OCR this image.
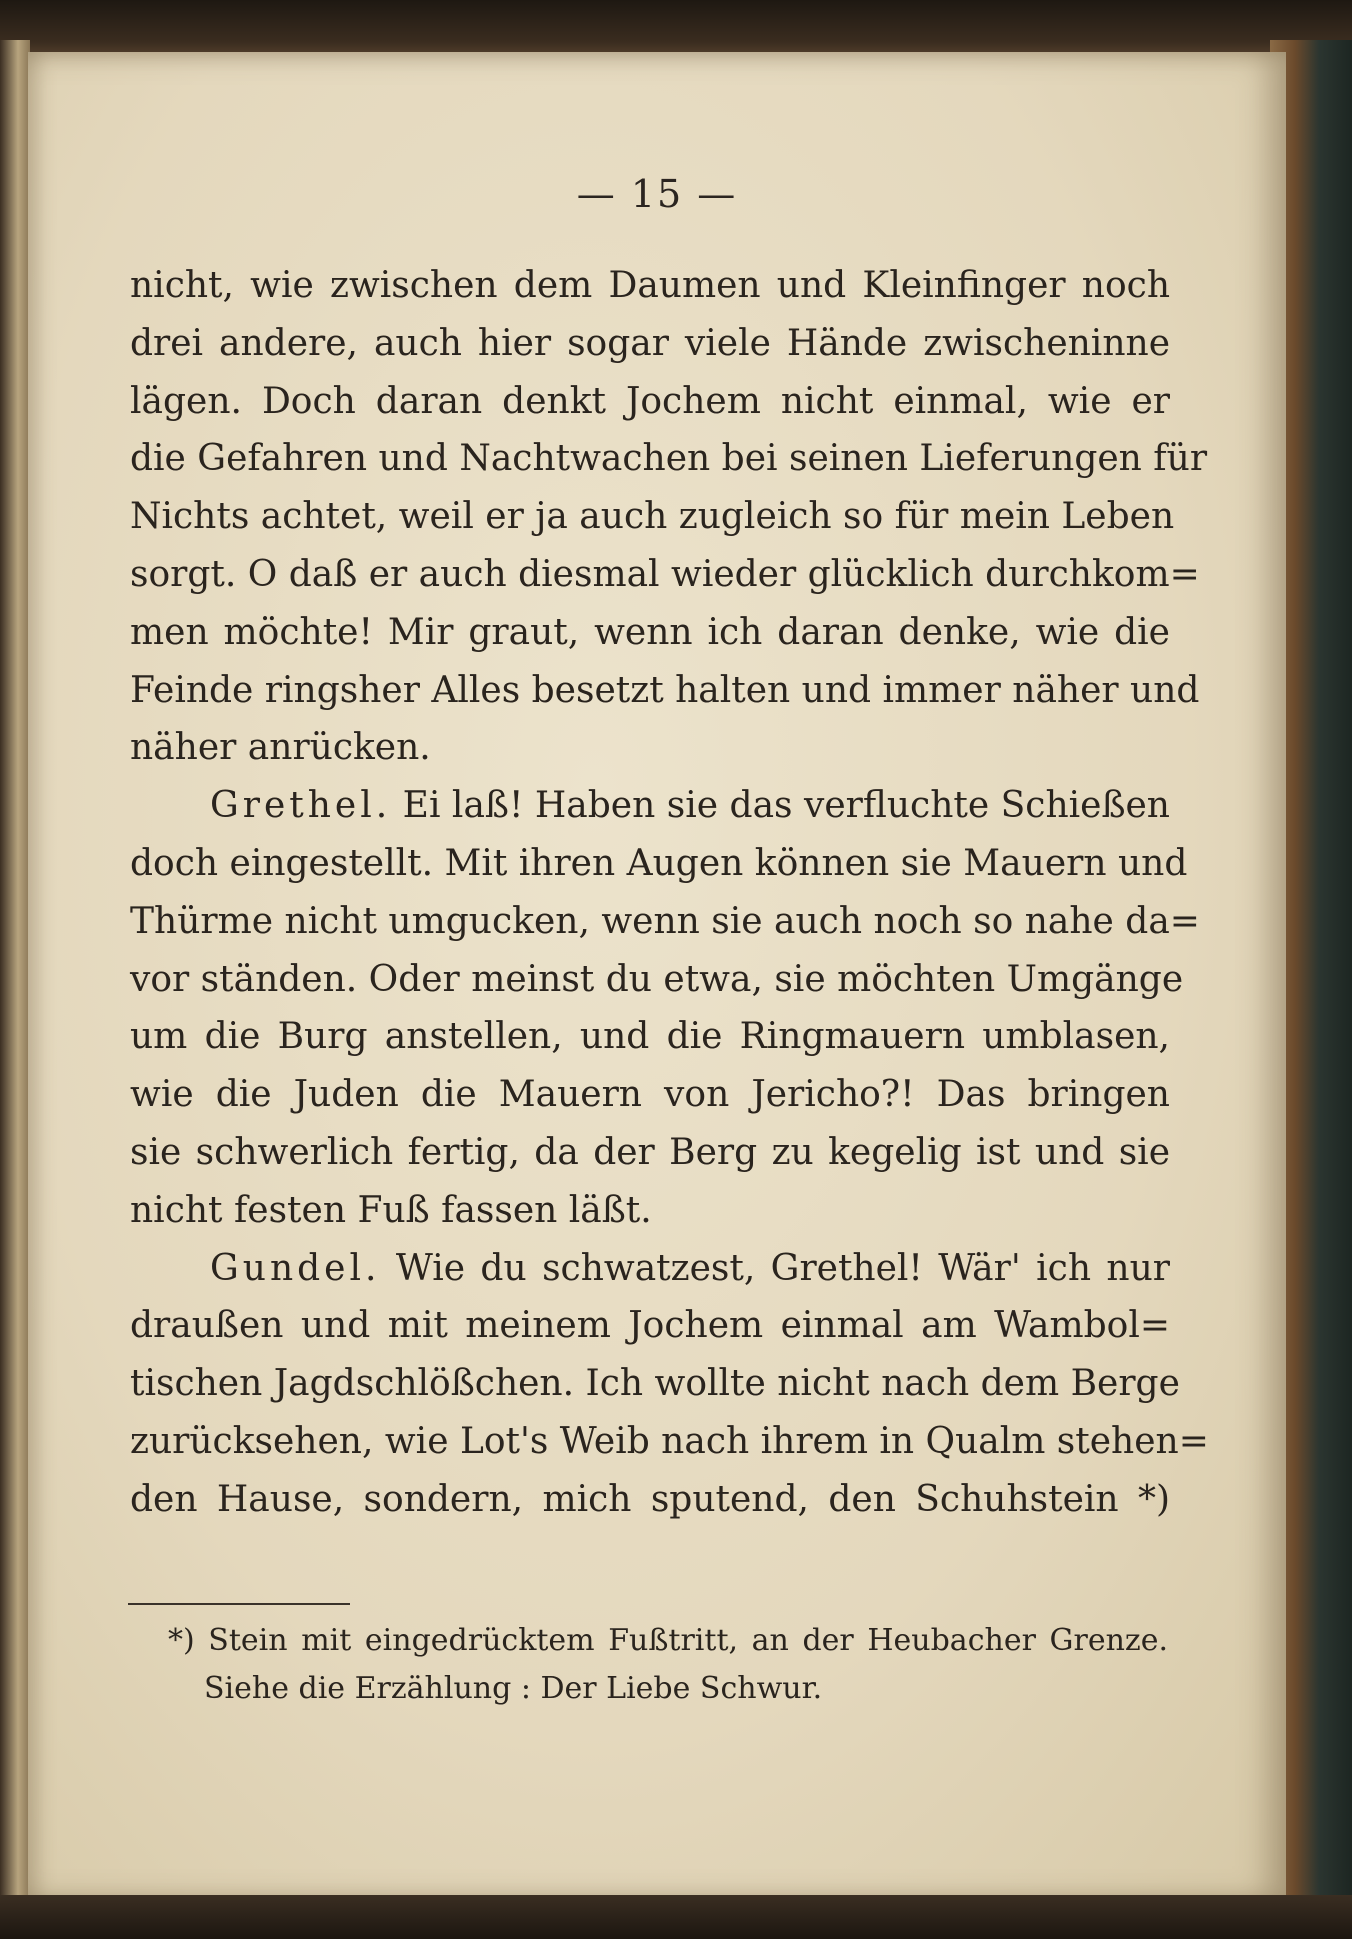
— 15 —
nicht, wie zwischen dem Daumen und Kleinfinger noch
drei andere, auch hier sogar viele Hände zwischeninne
lägen. Doch daran denkt Jochem nicht einmal, wie er
die Gefahren und Nachtwachen bei seinen Lieferungen für
Nichts achtet, weil er ja auch zugleich so für mein Leben
sorgt. O daß er auch diesmal wieder glücklich durchkom=
men möchte! Mir graut, wenn ich daran denke, wie die
Feinde ringsher Alles besetzt halten und immer näher und
näher anrücken.
Grethel. Ei laß! Haben sie das verfluchte Schießen
doch eingestellt. Mit ihren Augen können sie Mauern und
Thürme nicht umgucken, wenn sie auch noch so nahe da=
vor ständen. Oder meinst du etwa, sie möchten Umgänge
um die Burg anstellen, und die Ringmauern umblasen,
wie die Juden die Mauern von Jericho?! Das bringen
sie schwerlich fertig, da der Berg zu kegelig ist und sie
nicht festen Fuß fassen läßt.
Gundel. Wie du schwatzest, Grethel! Wär' ich nur
draußen und mit meinem Jochem einmal am Wambol=
tischen Jagdschlößchen. Ich wollte nicht nach dem Berge
zurücksehen, wie Lot's Weib nach ihrem in Qualm stehen=
den Hause, sondern, mich sputend, den Schuhstein *)
*) Stein mit eingedrücktem Fußtritt, an der Heubacher Grenze.
Siehe die Erzählung : Der Liebe Schwur.
